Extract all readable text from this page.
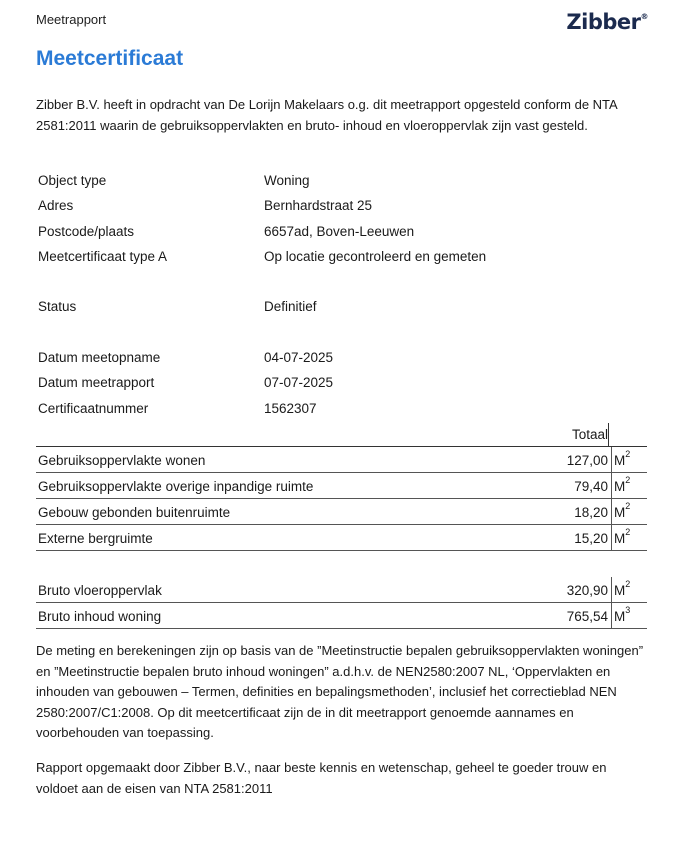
Meetrapport	Zibber®
Meetcertificaat

Zibber B.V. heeft in opdracht van De Lorijn Makelaars o.g. dit meetrapport opgesteld conform de NTA 2581:2011 waarin de gebruiksoppervlakten en bruto- inhoud en vloeroppervlak zijn vast gesteld.

Object type	Woning
Adres	Bernhardstraat 25
Postcode/plaats	6657ad, Boven-Leeuwen
Meetcertificaat type A	Op locatie gecontroleerd en gemeten
Status	Definitief
Datum meetopname	04-07-2025
Datum meetrapport	07-07-2025
Certificaatnummer	1562307
Totaal
Gebruiksoppervlakte wonen	127,00 $M^2$
Gebruiksoppervlakte overige inpandige ruimte	79,40 $M^2$
Gebouw gebonden buitenruimte	18,20 $M^2$
Externe bergruimte	15,20 $M^2$
Bruto vloeroppervlak	320,90 $M^2$
Bruto inhoud woning	765,54 $M^3$

De meting en berekeningen zijn op basis van de ”Meetinstructie bepalen gebruiksoppervlakten woningen” en ”Meetinstructie bepalen bruto inhoud woningen” a.d.h.v. de NEN2580:2007 NL, ‘Oppervlakten en inhouden van gebouwen – Termen, definities en bepalingsmethoden’, inclusief het correctieblad NEN 2580:2007/C1:2008. Op dit meetcertificaat zijn de in dit meetrapport genoemde aannames en voorbehouden van toepassing.

Rapport opgemaakt door Zibber B.V., naar beste kennis en wetenschap, geheel te goeder trouw en voldoet aan de eisen van NTA 2581:2011
